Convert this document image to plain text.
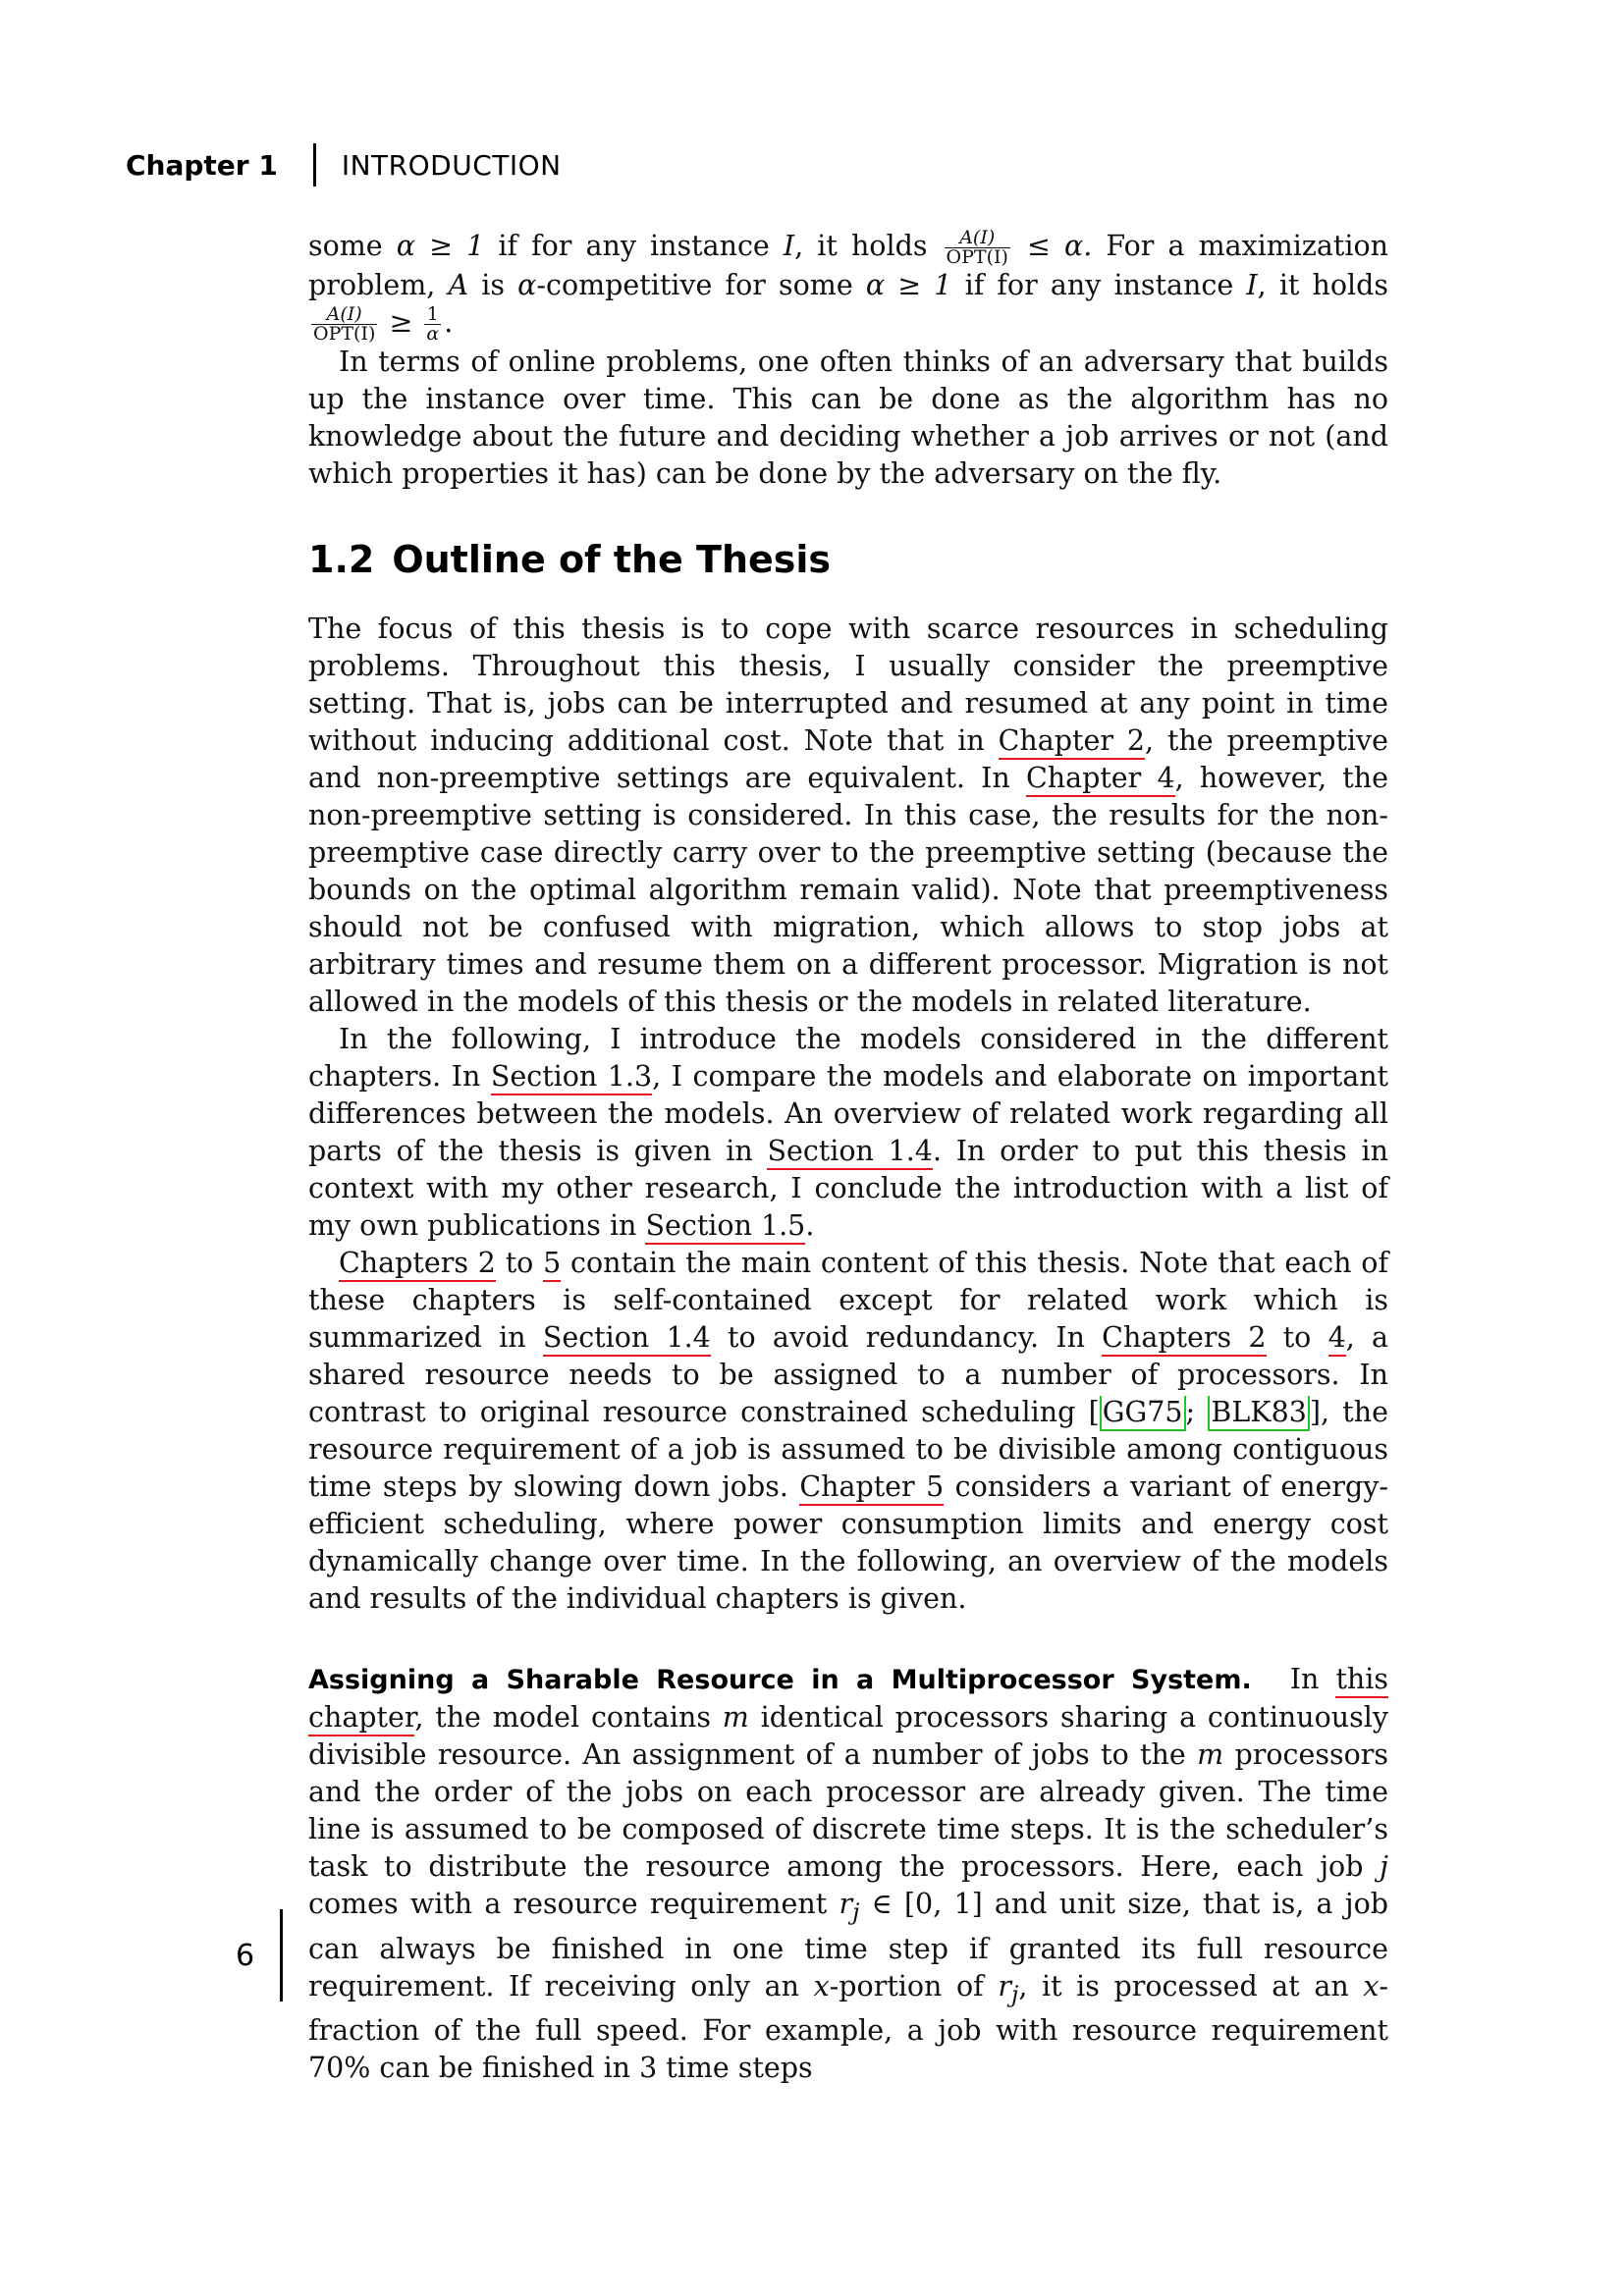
Chapter 1 INTRODUCTION

some α ≥ 1 if for any instance I, it holds $\frac{A(I)}{\text{OPT(I)}} \le \alpha$. For a maximization problem, A is α-competitive for some α ≥ 1 if for any instance I, it holds
$\frac{A(I)}{\text{OPT(I)}} \ge \frac{1}{\alpha}$ .

In terms of online problems, one often thinks of an adversary that builds up the instance over time. This can be done as the algorithm has no knowledge about the future and deciding whether a job arrives or not (and which properties it has) can be done by the adversary on the fly.

1.2 Outline of the Thesis

The focus of this thesis is to cope with scarce resources in scheduling problems. Throughout this thesis, I usually consider the preemptive setting. That is, jobs can be interrupted and resumed at any point in time without inducing additional cost. Note that in Chapter 2, the preemptive and non-preemptive settings are equivalent. In Chapter 4, however, the non-preemptive setting is considered. In this case, the results for the non-preemptive case directly carry over to the preemptive setting (because the bounds on the optimal algorithm remain valid). Note that preemptiveness should not be confused with migration, which allows to stop jobs at arbitrary times and resume them on a different processor. Migration is not allowed in the models of this thesis or the models in related literature.

In the following, I introduce the models considered in the different chapters. In Section 1.3, I compare the models and elaborate on important differences between the models. An overview of related work regarding all parts of the thesis is given in Section 1.4. In order to put this thesis in context with my other research, I conclude the introduction with a list of my own publications in Section 1.5.

Chapters 2 to 5 contain the main content of this thesis. Note that each of these chapters is self-contained except for related work which is summarized in Section 1.4 to avoid redundancy. In Chapters 2 to 4, a shared resource needs to be assigned to a number of processors. In contrast to original resource constrained scheduling [ GG75 ; BLK83 ], the resource requirement of a job is assumed to be divisible among contiguous time steps by slowing down jobs. Chapter 5 considers a variant of energy-efficient scheduling, where power consumption limits and energy cost dynamically change over time. In the following, an overview of the models and results of the individual chapters is given.

Assigning a Sharable Resource in a Multiprocessor System. In this chapter, the model contains m identical processors sharing a continuously divisible resource. An assignment of a number of jobs to the m processors and the order of the jobs on each processor are already given. The time line is assumed to be composed of discrete time steps. It is the scheduler’s task to distribute the resource among the processors. Here, each job j comes with a resource requirement $r_j$ ∈ [0, 1] and unit size, that is, a job can always be finished in one time step if granted its full resource requirement. If receiving only an x-portion of $r_j$, it is processed at an x-fraction of the full speed. For example, a job with resource requirement 70% can be finished in 3 time steps

6
